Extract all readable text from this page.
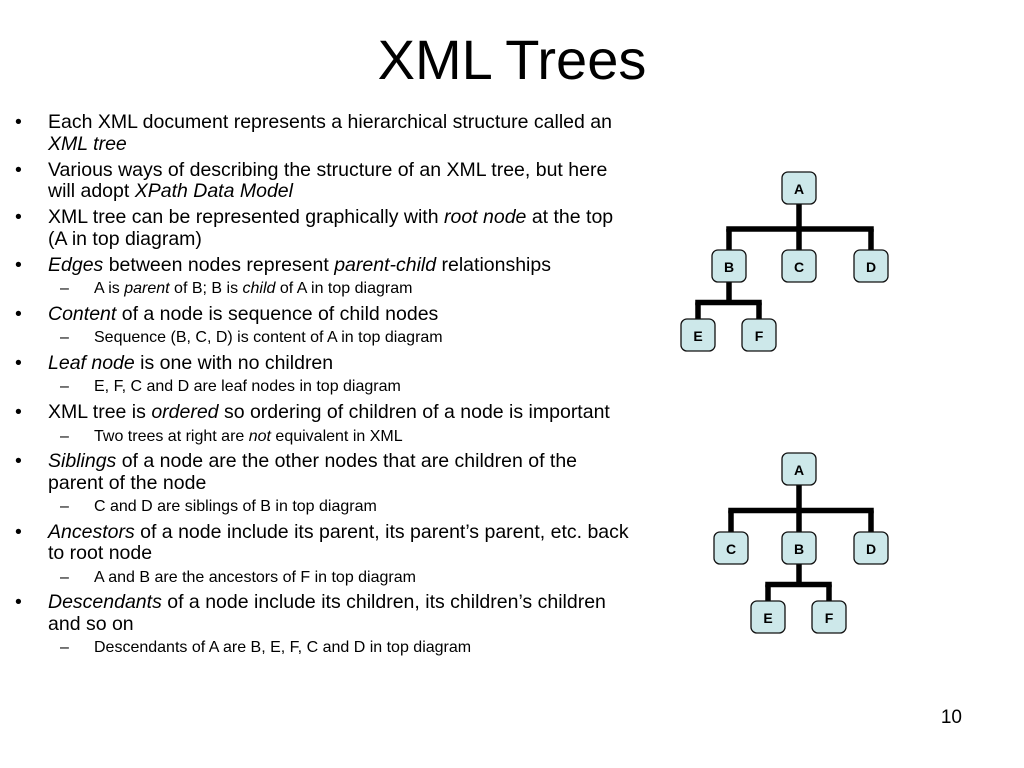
XML Trees
• Each XML document represents a hierarchical structure called an XML tree
• Various ways of describing the structure of an XML tree, but here will adopt XPath Data Model
• XML tree can be represented graphically with root node at the top (A in top diagram)
• Edges between nodes represent parent-child relationships
– A is parent of B; B is child of A in top diagram
• Content of a node is sequence of child nodes
– Sequence (B, C, D) is content of A in top diagram
• Leaf node is one with no children
– E, F, C and D are leaf nodes in top diagram
• XML tree is ordered so ordering of children of a node is important
– Two trees at right are not equivalent in XML
• Siblings of a node are the other nodes that are children of the parent of the node
– C and D are siblings of B in top diagram
• Ancestors of a node include its parent, its parent’s parent, etc. back to root node
– A and B are the ancestors of F in top diagram
• Descendants of a node include its children, its children’s children and so on
– Descendants of A are B, E, F, C and D in top diagram
A
B
E	F
C	D
A
C	B
E	F
D
10
